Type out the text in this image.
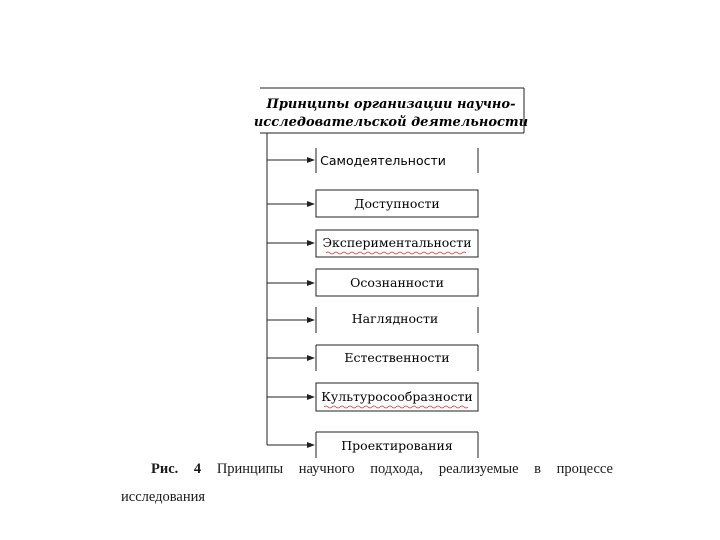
Принципы организации научно-
исследовательской деятельности
Самодеятельности
Доступности
Экспериментальности
Осознанности
Наглядности
Естественности
Культуросообразности
Проектирования
Рис. 4 Принципы научного подхода, реализуемые в процессе
исследования
